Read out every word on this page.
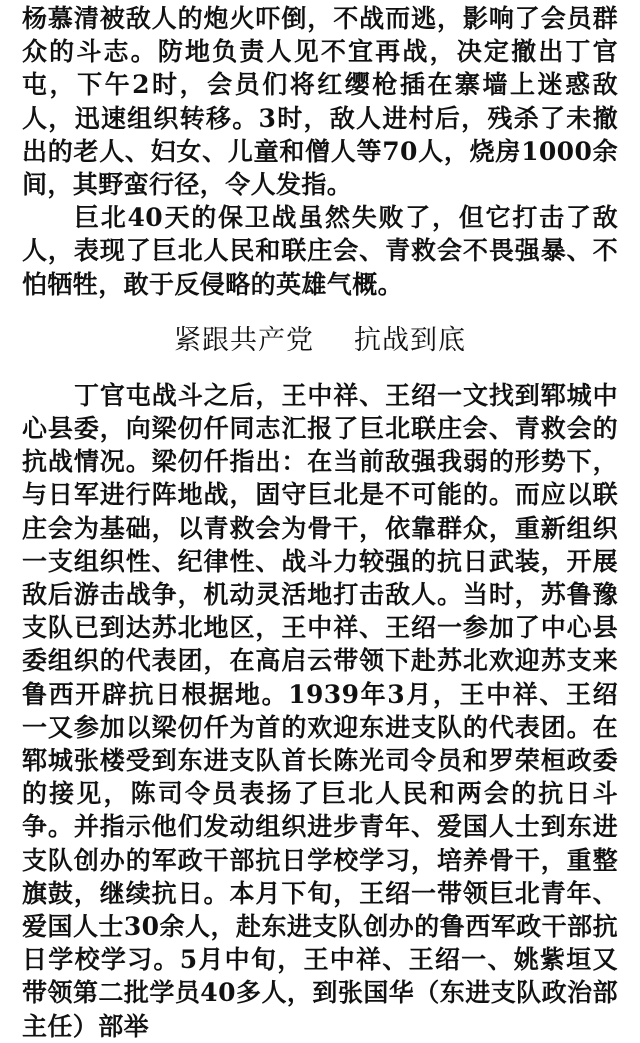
杨慕清被敌人的炮火吓倒，不战而逃，影响了会员群众的斗志。防地负责人见不宜再战，决定撤出丁官屯，下午2时，会员们将红缨枪插在寨墙上迷惑敌人，迅速组织转移。3时，敌人进村后，残杀了未撤出的老人、妇女、儿童和僧人等70人，烧房1000余间，其野蛮行径，令人发指。

巨北40天的保卫战虽然失败了，但它打击了敌人，表现了巨北人民和联庄会、青救会不畏强暴、不怕牺牲，敢于反侵略的英雄气概。

紧跟共产党 抗战到底

丁官屯战斗之后，王中祥、王绍一文找到郓城中心县委，向梁仞仟同志汇报了巨北联庄会、青救会的抗战情况。梁仞仟指出：在当前敌强我弱的形势下，与日军进行阵地战，固守巨北是不可能的。而应以联庄会为基础，以青救会为骨干，依靠群众，重新组织一支组织性、纪律性、战斗力较强的抗日武装，开展敌后游击战争，机动灵活地打击敌人。当时，苏鲁豫支队已到达苏北地区，王中祥、王绍一参加了中心县委组织的代表团，在高启云带领下赴苏北欢迎苏支来鲁西开辟抗日根据地。1939年3月，王中祥、王绍一又参加以梁仞仟为首的欢迎东进支队的代表团。在郓城张楼受到东进支队首长陈光司令员和罗荣桓政委的接见，陈司令员表扬了巨北人民和两会的抗日斗争。并指示他们发动组织进步青年、爱国人士到东进支队创办的军政干部抗日学校学习，培养骨干，重整旗鼓，继续抗日。本月下旬，王绍一带领巨北青年、爱国人士30余人，赴东进支队创办的鲁西军政干部抗日学校学习。5月中旬，王中祥、王绍一、姚紫垣又带领第二批学员40多人，到张国华（东进支队政治部主任）部举
